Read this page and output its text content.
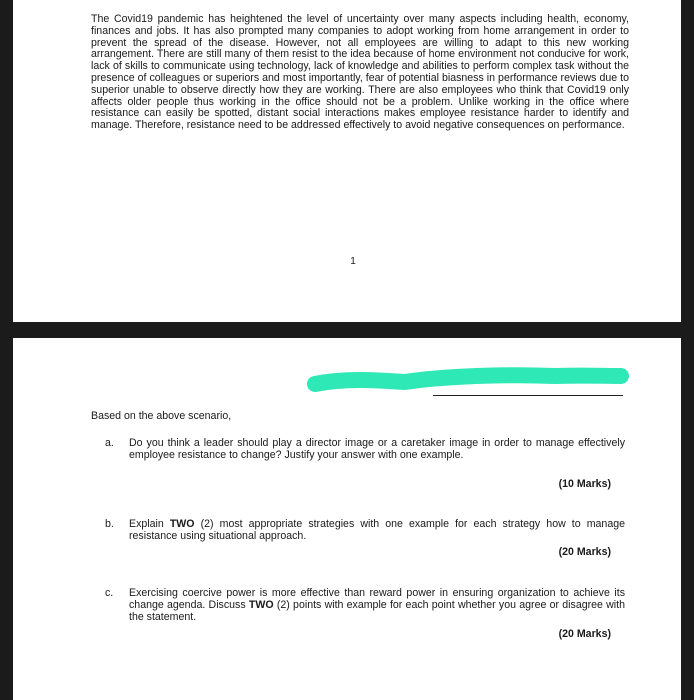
The Covid19 pandemic has heightened the level of uncertainty over many aspects including health, economy, finances and jobs. It has also prompted many companies to adopt working from home arrangement in order to prevent the spread of the disease. However, not all employees are willing to adapt to this new working arrangement. There are still many of them resist to the idea because of home environment not conducive for work, lack of skills to communicate using technology, lack of knowledge and abilities to perform complex task without the presence of colleagues or superiors and most importantly, fear of potential biasness in performance reviews due to superior unable to observe directly how they are working. There are also employees who think that Covid19 only affects older people thus working in the office should not be a problem. Unlike working in the office where resistance can easily be spotted, distant social interactions makes employee resistance harder to identify and manage. Therefore, resistance need to be addressed effectively to avoid negative consequences on performance.

1
Based on the above scenario,
a.	Do you think a leader should play a director image or a caretaker image in order to manage effectively employee resistance to change? Justify your answer with one example.
(10 Marks)
b.	Explain TWO (2) most appropriate strategies with one example for each strategy how to manage resistance using situational approach.
(20 Marks)
c.	Exercising coercive power is more effective than reward power in ensuring organization to achieve its change agenda. Discuss TWO (2) points with example for each point whether you agree or disagree with the statement.
(20 Marks)
